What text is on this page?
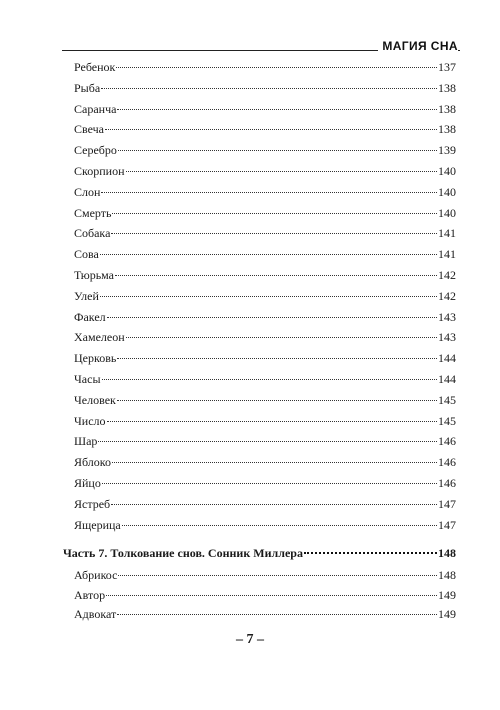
МАГИЯ СНА
Ребенок	137
Рыба	138
Саранча	138
Свеча	138
Серебро	139
Скорпион	140
Слон	140
Смерть	140
Собака	141
Сова	141
Тюрьма	142
Улей	142
Факел	143
Хамелеон	143
Церковь	144
Часы	144
Человек	145
Число	145
Шар	146
Яблоко	146
Яйцо	146
Ястреб	147
Ящерица	147
Часть 7. Толкование снов. Сонник Миллера	148
Абрикос	148
Автор	149
Адвокат	149
– 7 –
